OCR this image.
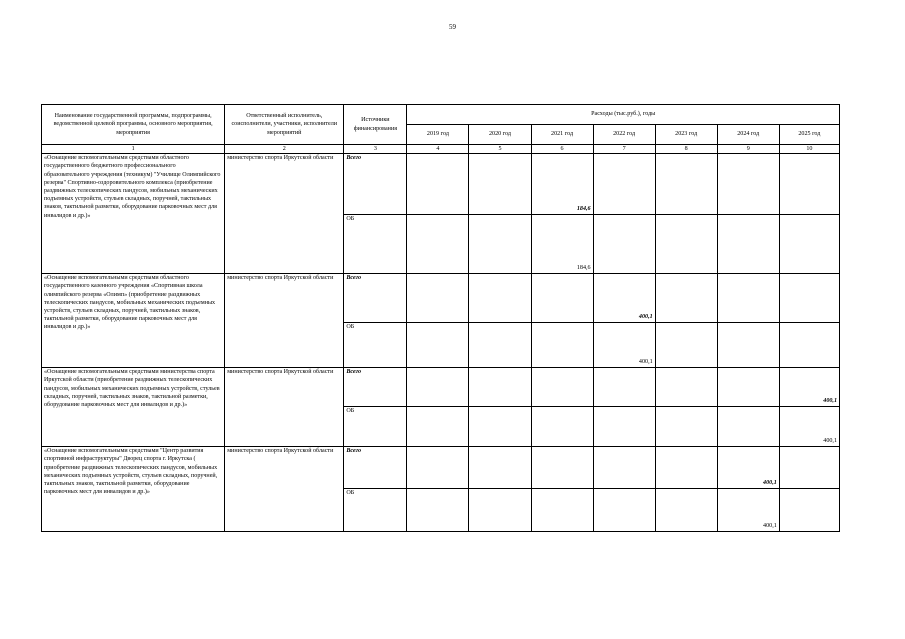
59
Наименование государственной программы, подпрограммы, ведомственной целевой программы, основного мероприятия, мероприятия	Ответственный исполнитель, соисполнители, участники, исполнители мероприятий	Источники финансирования	Расходы (тыс.руб.), годы						
			2019 год	2020 год	2021 год	2022 год	2023 год	2024 год	2025 год
1	2	3	4	5	6	7	8	9	10
«Оснащение вспомогательными средствами областного государственного бюджетного профессионального образовательного учреждения (техникум) "Училище Олимпийского резерва" Спортивно-оздоровительного комплекса (приобретение раздвижных телескопических пандусов, мобильных механических подъемных устройств, стульев складных, поручней, тактильных знаков, тактильной разметки, оборудование парковочных мест для инвалидов и др.)»	министерство спорта Иркутской области	Всего			184,6				

		ОБ			184,6				

«Оснащение вспомогательными средствами областного государственного казенного учреждения «Спортивная школа олимпийского резерва «Олимп» (приобретение раздвижных телескопических пандусов, мобильных механических подъемных устройств, стульев складных, поручней, тактильных знаков, тактильной разметки, оборудование парковочных мест для инвалидов и др.)»	министерство спорта Иркутской области	Всего				400,1			

		ОБ				400,1			

«Оснащение вспомогательными средствами министерства спорта Иркутской области (приобретение раздвижных телескопических пандусов, мобильных механических подъемных устройств, стульев складных, поручней, тактильных знаков, тактильной разметки, оборудование парковочных мест для инвалидов и др.)»	министерство спорта Иркутской области	Всего							400,1

		ОБ							400,1

«Оснащение вспомогательными средствами "Центр развития спортивной инфраструктуры" Дворец спорта г. Иркутска ( приобретение раздвижных телескопических пандусов, мобильных механических подъемных устройств, стульев складных, поручней, тактильных знаков, тактильной разметки, оборудование парковочных мест для инвалидов и др.)»	министерство спорта Иркутской области	Всего						400,1	

		ОБ						400,1	
